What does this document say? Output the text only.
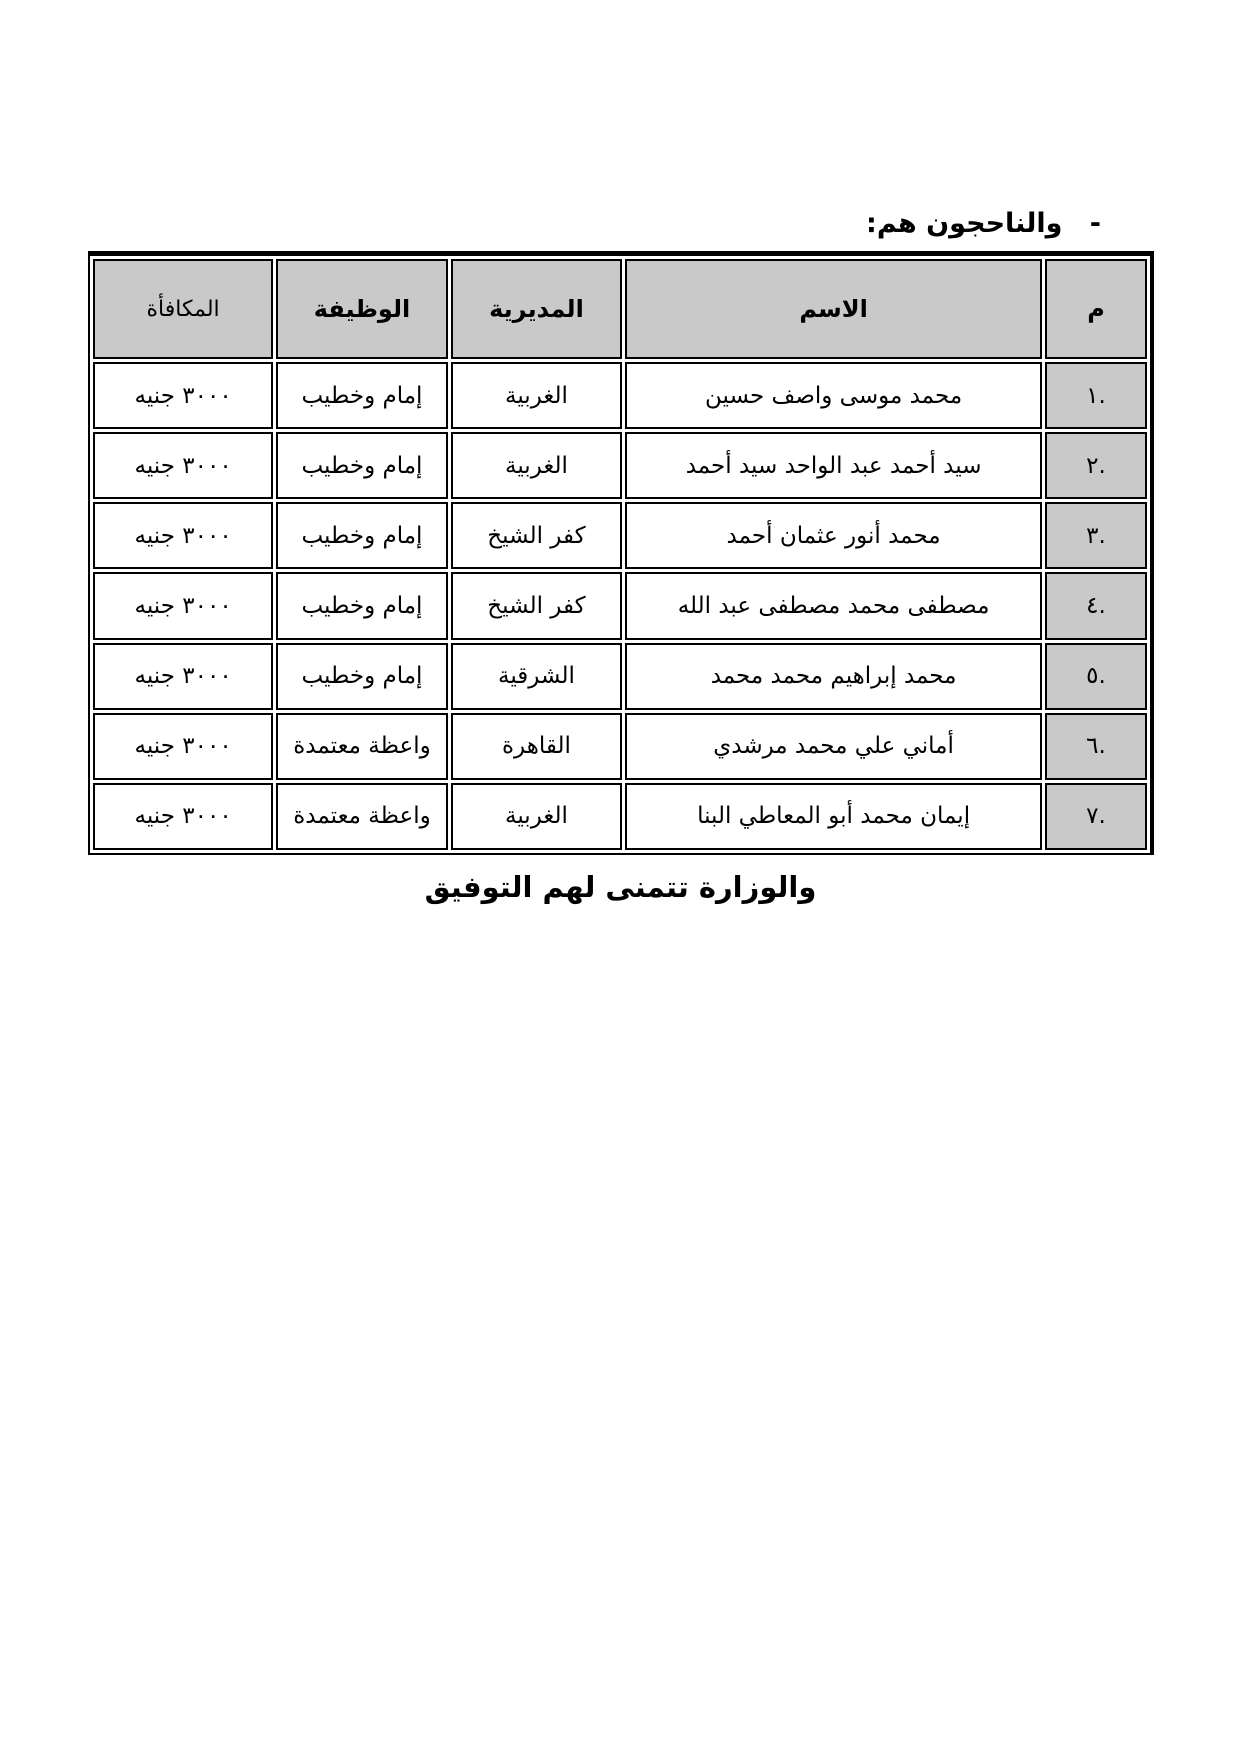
- والناحجون هم:
م	الاسم	المديرية	الوظيفة	المكافأة
.١	محمد موسى واصف حسين	الغربية	إمام وخطيب	٣٠٠٠ جنيه
.٢	سيد أحمد عبد الواحد سيد أحمد	الغربية	إمام وخطيب	٣٠٠٠ جنيه
.٣	محمد أنور عثمان أحمد	كفر الشيخ	إمام وخطيب	٣٠٠٠ جنيه
.٤	مصطفى محمد مصطفى عبد الله	كفر الشيخ	إمام وخطيب	٣٠٠٠ جنيه
.٥	محمد إبراهيم محمد محمد	الشرقية	إمام وخطيب	٣٠٠٠ جنيه
.٦	أماني علي محمد مرشدي	القاهرة	واعظة معتمدة	٣٠٠٠ جنيه
.٧	إيمان محمد أبو المعاطي البنا	الغربية	واعظة معتمدة	٣٠٠٠ جنيه
والوزارة تتمنى لهم التوفيق
